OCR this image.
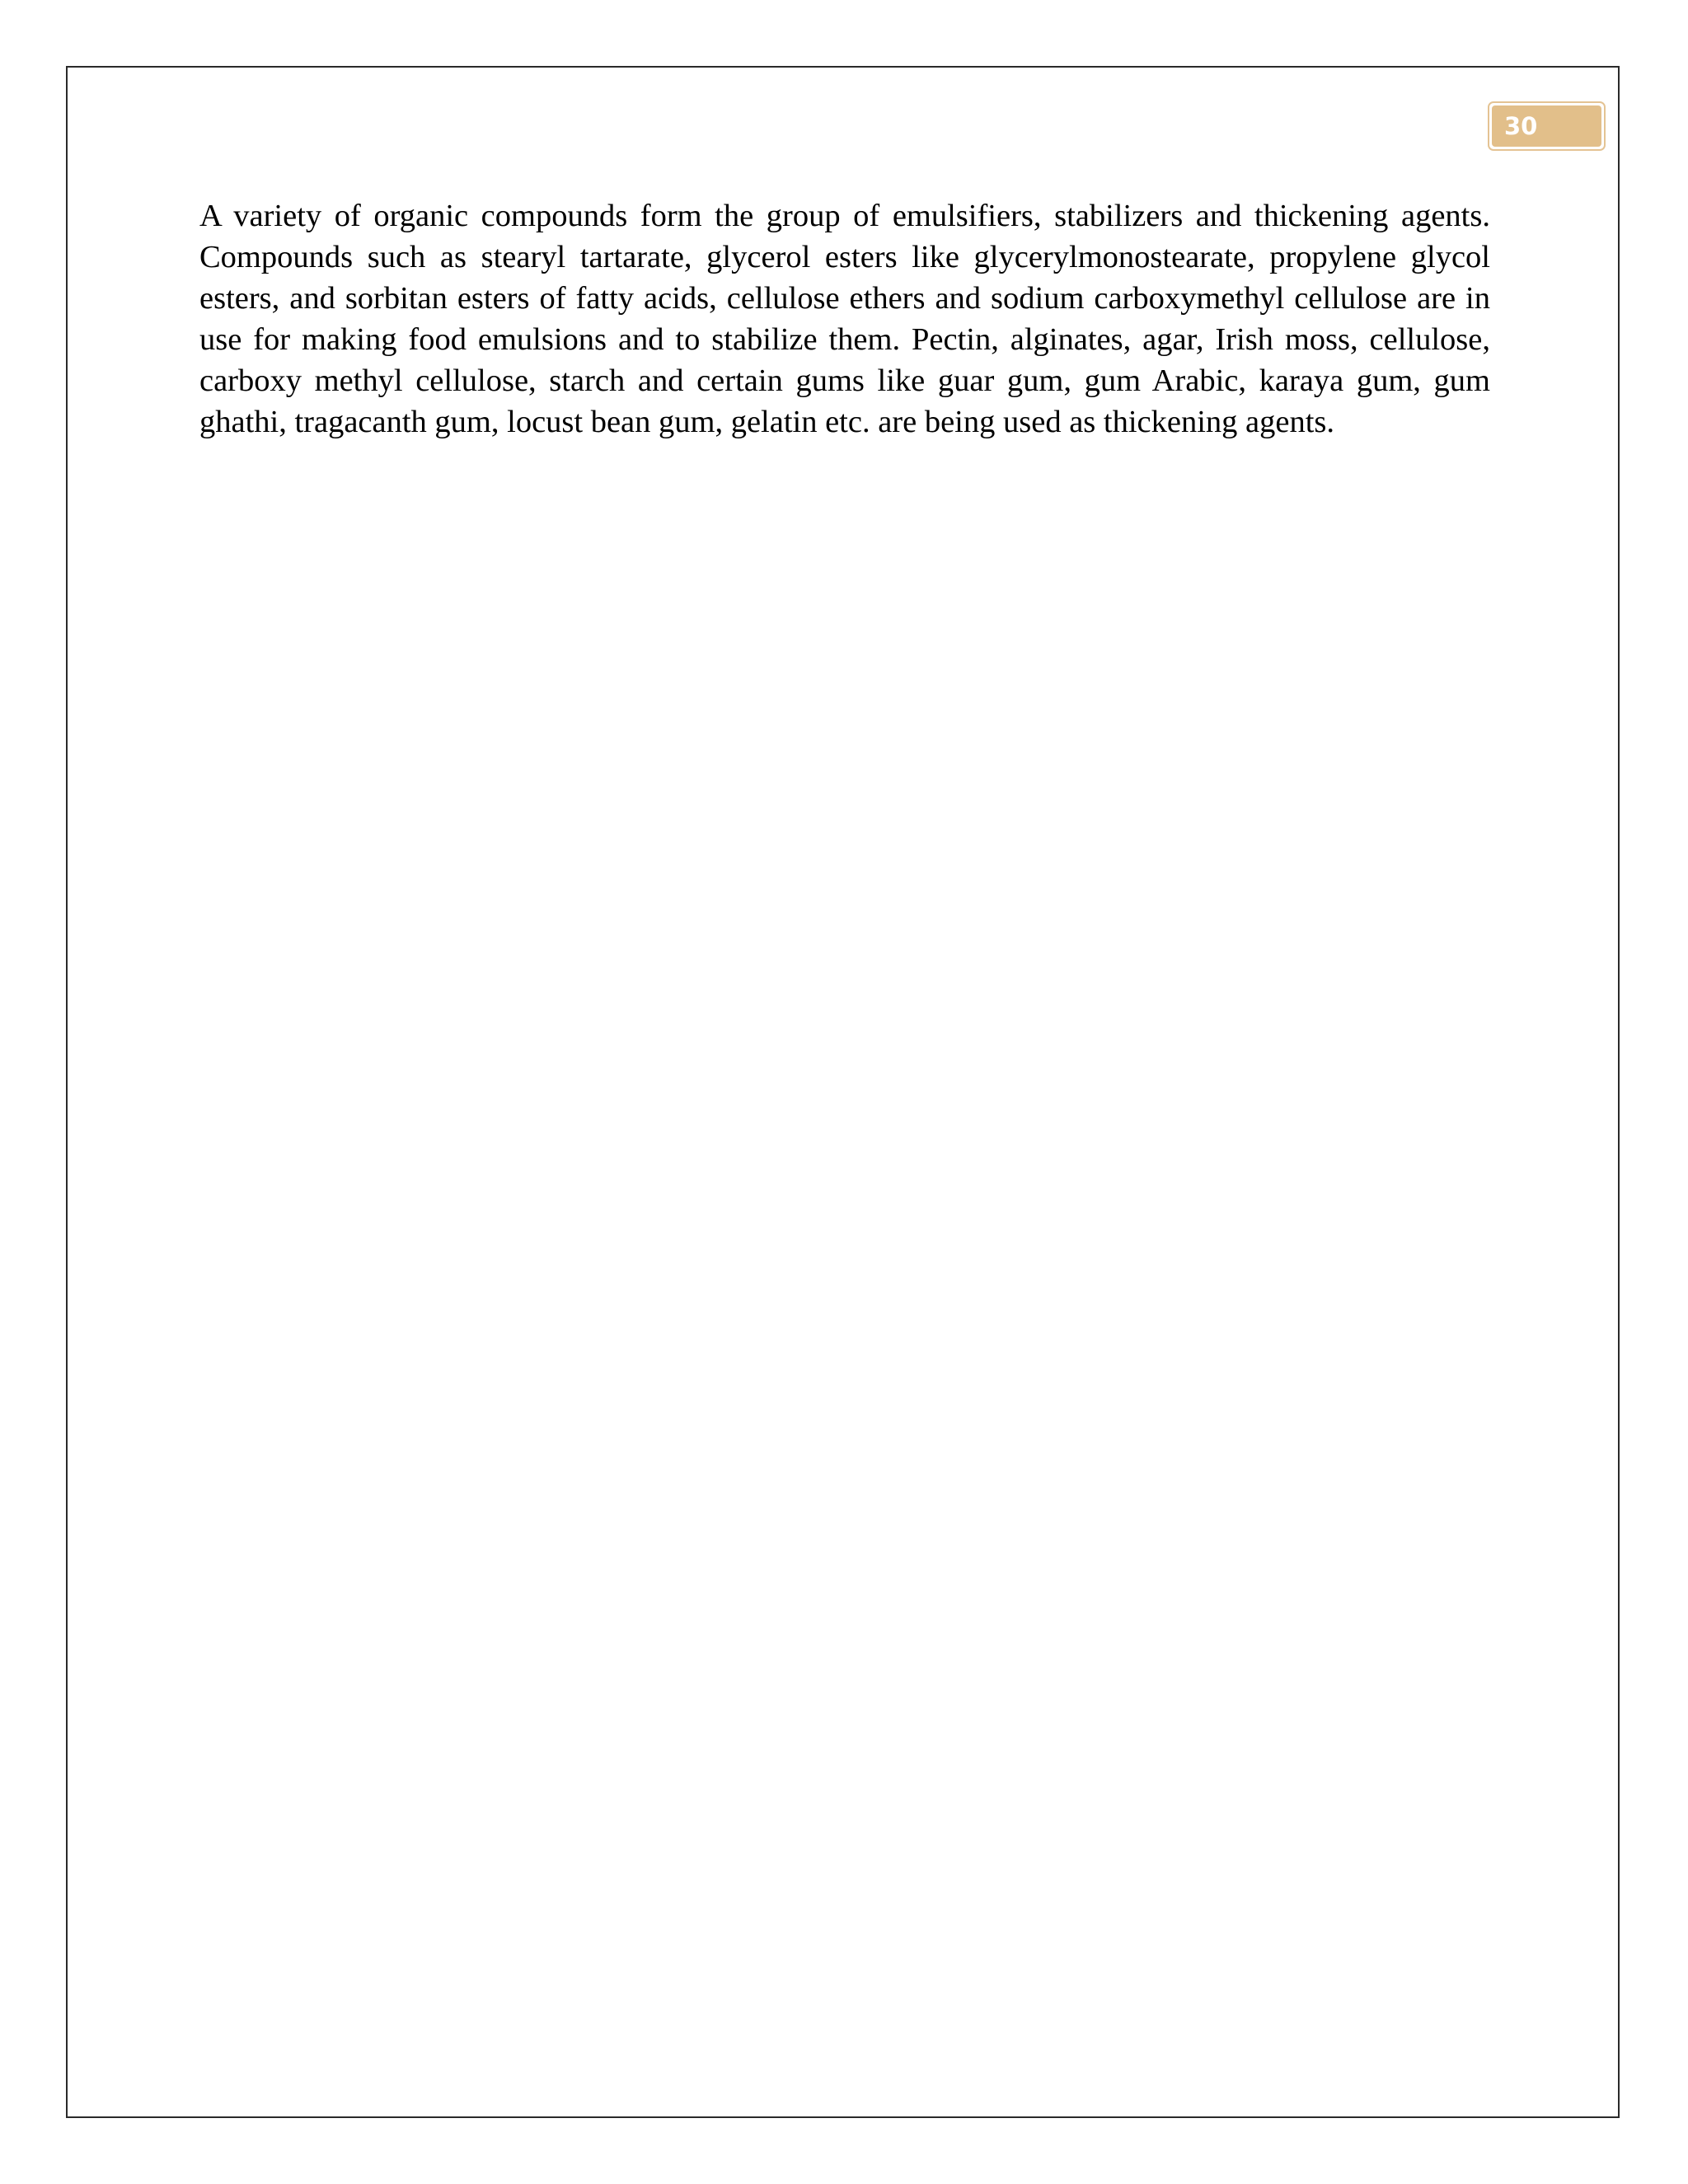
30

A variety of organic compounds form the group of emulsifiers, stabilizers and thickening agents. Compounds such as stearyl tartarate, glycerol esters like glycerylmonostearate, propylene glycol esters, and sorbitan esters of fatty acids, cellulose ethers and sodium carboxymethyl cellulose are in use for making food emulsions and to stabilize them. Pectin, alginates, agar, Irish moss, cellulose, carboxy methyl cellulose, starch and certain gums like guar gum, gum Arabic, karaya gum, gum ghathi, tragacanth gum, locust bean gum, gelatin etc. are being used as thickening agents.
